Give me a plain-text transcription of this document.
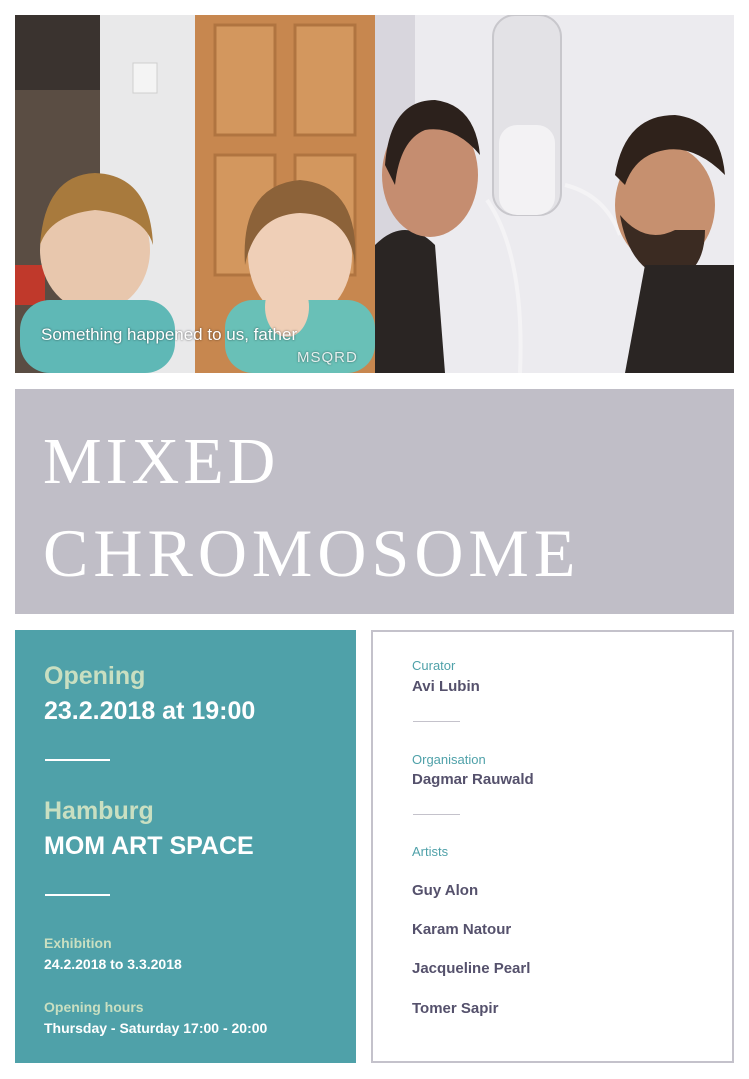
Something happened to us, father
MSQRD
MIXED
CHROMOSOME
Opening
23.2.2018 at 19:00
Hamburg
MOM ART SPACE
Exhibition
24.2.2018 to 3.3.2018
Opening hours
Thursday - Saturday 17:00 - 20:00
Curator
Avi Lubin
Organisation
Dagmar Rauwald
Artists
Guy Alon
Karam Natour
Jacqueline Pearl
Tomer Sapir
